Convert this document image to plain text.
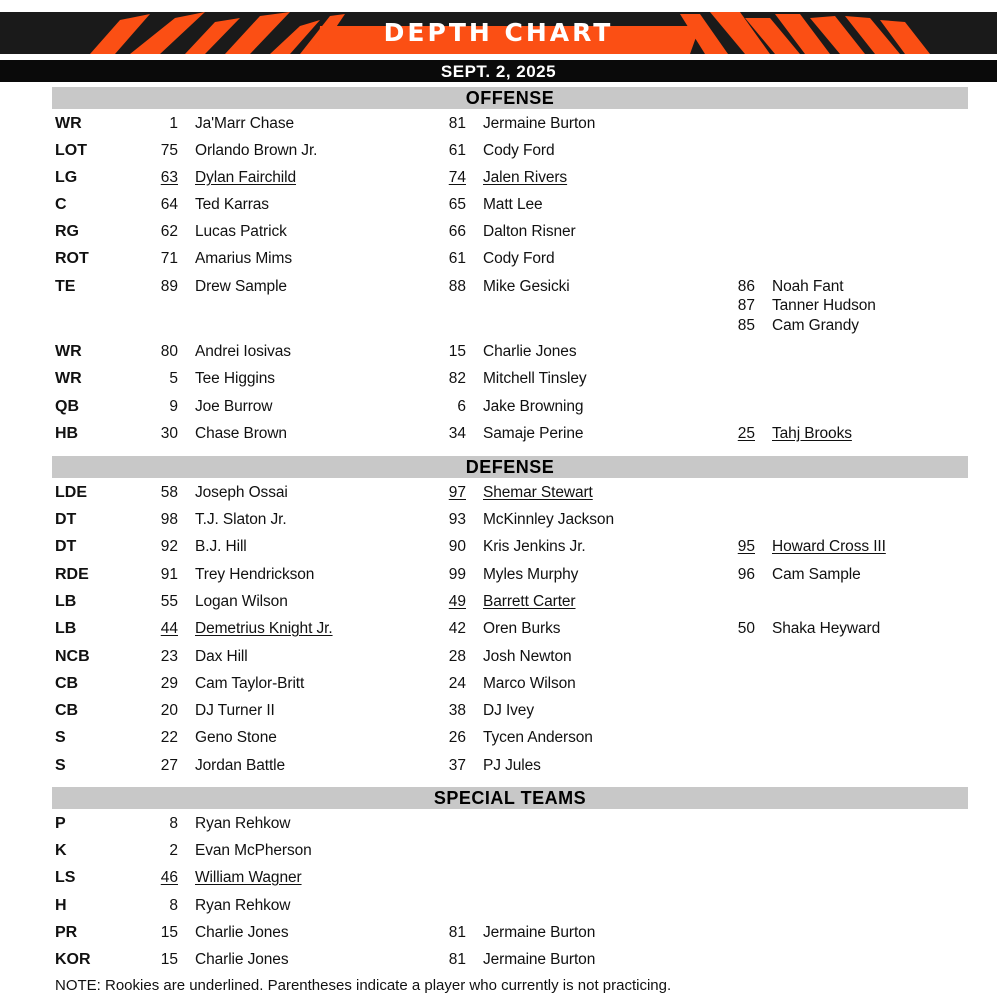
DEPTH CHART
SEPT. 2, 2025
OFFENSE
WR	1 Ja'Marr Chase	81 Jermaine Burton
LOT	75 Orlando Brown Jr.	61 Cody Ford
LG	63 Dylan Fairchild	74 Jalen Rivers
C	64 Ted Karras	65 Matt Lee
RG	62 Lucas Patrick	66 Dalton Risner
ROT	71 Amarius Mims	61 Cody Ford
TE	89 Drew Sample	88 Mike Gesicki	86 Noah Fant
87 Tanner Hudson
85 Cam Grandy
WR	80 Andrei Iosivas	15 Charlie Jones
WR	5 Tee Higgins	82 Mitchell Tinsley
QB	9 Joe Burrow	6 Jake Browning
HB	30 Chase Brown	34 Samaje Perine	25 Tahj Brooks
DEFENSE
LDE	58 Joseph Ossai	97 Shemar Stewart
DT	98 T.J. Slaton Jr.	93 McKinnley Jackson
DT	92 B.J. Hill	90 Kris Jenkins Jr.	95 Howard Cross III
RDE	91 Trey Hendrickson	99 Myles Murphy	96 Cam Sample
LB	55 Logan Wilson	49 Barrett Carter
LB	44 Demetrius Knight Jr.	42 Oren Burks	50 Shaka Heyward
NCB	23 Dax Hill	28 Josh Newton
CB	29 Cam Taylor-Britt	24 Marco Wilson
CB	20 DJ Turner II	38 DJ Ivey
S	22 Geno Stone	26 Tycen Anderson
S	27 Jordan Battle	37 PJ Jules
SPECIAL TEAMS
P	8 Ryan Rehkow
K	2 Evan McPherson
LS	46 William Wagner
H	8 Ryan Rehkow
PR	15 Charlie Jones	81 Jermaine Burton
KOR	15 Charlie Jones	81 Jermaine Burton
NOTE: Rookies are underlined. Parentheses indicate a player who currently is not practicing.
